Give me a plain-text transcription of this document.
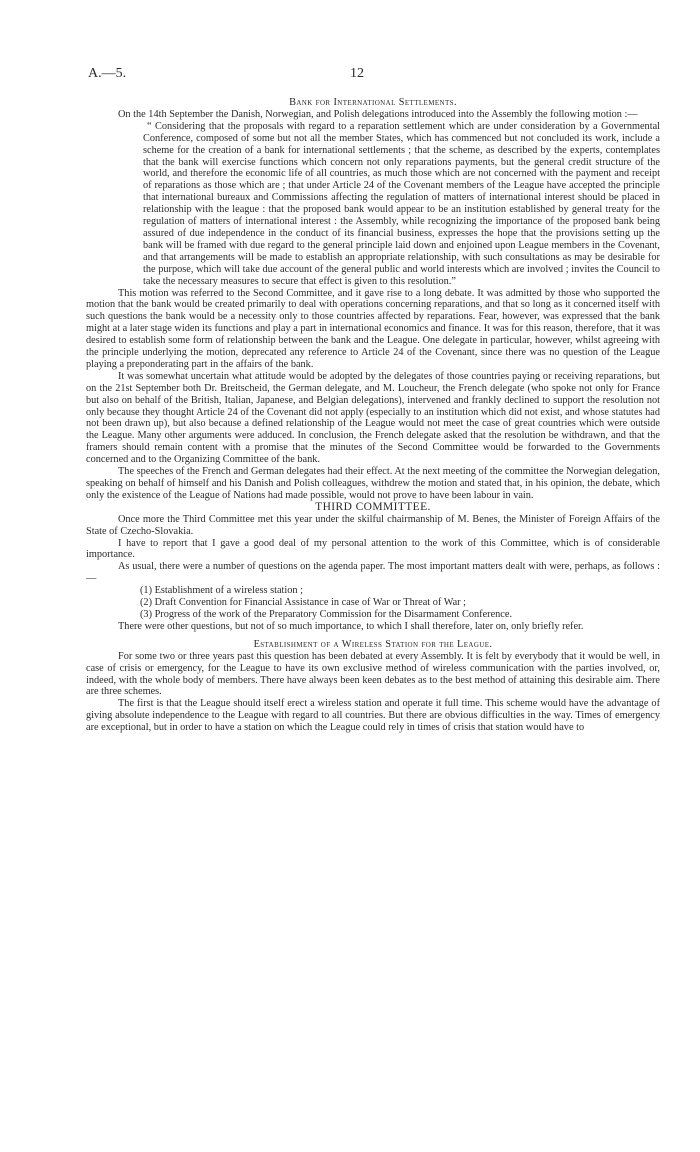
A.—5.	12

Bank for International Settlements.

On the 14th September the Danish, Norwegian, and Polish delegations introduced into the Assembly the following motion :—

“ Considering that the proposals with regard to a reparation settlement which are under consideration by a Governmental Conference, composed of some but not all the member States, which has commenced but not concluded its work, include a scheme for the creation of a bank for international settlements ; that the scheme, as described by the experts, contemplates that the bank will exercise functions which concern not only reparations payments, but the general credit structure of the world, and therefore the economic life of all countries, as much those which are not concerned with the payment and receipt of reparations as those which are ; that under Article 24 of the Covenant members of the League have accepted the principle that international bureaux and Commissions affecting the regulation of matters of international interest should be placed in relationship with the league : that the proposed bank would appear to be an institution established by general treaty for the regulation of matters of international interest : the Assembly, while recognizing the importance of the proposed bank being assured of due independence in the conduct of its financial business, expresses the hope that the provisions setting up the bank will be framed with due regard to the general principle laid down and enjoined upon League members in the Covenant, and that arrangements will be made to establish an appropriate relationship, with such consultations as may be desirable for the purpose, which will take due account of the general public and world interests which are involved ; invites the Council to take the necessary measures to secure that effect is given to this resolution.”

This motion was referred to the Second Committee, and it gave rise to a long debate. It was admitted by those who supported the motion that the bank would be created primarily to deal with operations concerning reparations, and that so long as it concerned itself with such questions the bank would be a necessity only to those countries affected by reparations. Fear, however, was expressed that the bank might at a later stage widen its functions and play a part in international economics and finance. It was for this reason, therefore, that it was desired to establish some form of relationship between the bank and the League. One delegate in particular, however, whilst agreeing with the principle underlying the motion, deprecated any reference to Article 24 of the Covenant, since there was no question of the League playing a preponderating part in the affairs of the bank.

It was somewhat uncertain what attitude would be adopted by the delegates of those countries paying or receiving reparations, but on the 21st September both Dr. Breitscheid, the German delegate, and M. Loucheur, the French delegate (who spoke not only for France but also on behalf of the British, Italian, Japanese, and Belgian delegations), intervened and frankly declined to support the resolution not only because they thought Article 24 of the Covenant did not apply (especially to an institution which did not exist, and whose statutes had not been drawn up), but also because a defined relationship of the League would not meet the case of great countries which were outside the League. Many other arguments were adduced. In conclusion, the French delegate asked that the resolution be withdrawn, and that the framers should remain content with a promise that the minutes of the Second Committee would be forwarded to the Governments concerned and to the Organizing Committee of the bank.

The speeches of the French and German delegates had their effect. At the next meeting of the committee the Norwegian delegation, speaking on behalf of himself and his Danish and Polish colleagues, withdrew the motion and stated that, in his opinion, the debate, which only the existence of the League of Nations had made possible, would not prove to have been labour in vain.

THIRD COMMITTEE.

Once more the Third Committee met this year under the skilful chairmanship of M. Benes, the Minister of Foreign Affairs of the State of Czecho-Slovakia.

I have to report that I gave a good deal of my personal attention to the work of this Committee, which is of considerable importance.

As usual, there were a number of questions on the agenda paper. The most important matters dealt with were, perhaps, as follows :—

(1) Establishment of a wireless station ;

(2) Draft Convention for Financial Assistance in case of War or Threat of War ;

(3) Progress of the work of the Preparatory Commission for the Disarmament Conference.

There were other questions, but not of so much importance, to which I shall therefore, later on, only briefly refer.

Establishment of a Wireless Station for the League.

For some two or three years past this question has been debated at every Assembly. It is felt by everybody that it would be well, in case of crisis or emergency, for the League to have its own exclusive method of wireless communication with the parties involved, or, indeed, with the whole body of members. There have always been keen debates as to the best method of attaining this desirable aim. There are three schemes.

The first is that the League should itself erect a wireless station and operate it full time. This scheme would have the advantage of giving absolute independence to the League with regard to all countries. But there are obvious difficulties in the way. Times of emergency are exceptional, but in order to have a station on which the League could rely in times of crisis that station would have to
